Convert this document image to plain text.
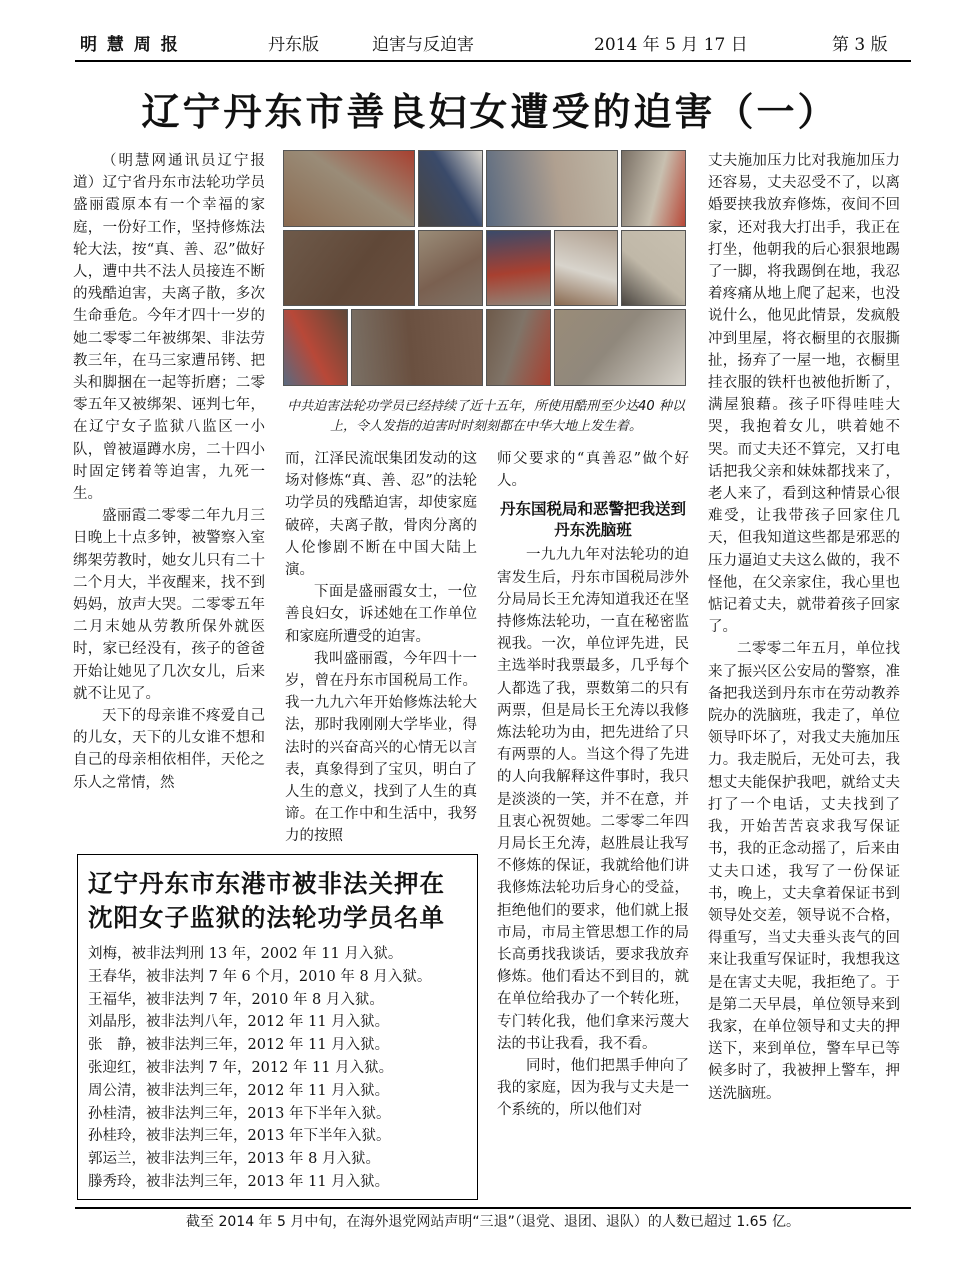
明 慧 周 报	丹东版	迫害与反迫害	2014 年 5 月 17 日	第 3 版
辽宁丹东市善良妇女遭受的迫害（一）

（明慧网通讯员辽宁报道）辽宁省丹东市法轮功学员盛丽霞原本有一个幸福的家庭，一份好工作，坚持修炼法轮大法，按“真、善、忍”做好人，遭中共不法人员接连不断的残酷迫害，夫离子散，多次生命垂危。今年才四十一岁的她二零零二年被绑架、非法劳教三年，在马三家遭吊铐、把头和脚捆在一起等折磨；二零零五年又被绑架、诬判七年，在辽宁女子监狱八监区一小队，曾被逼蹲水房，二十四小时固定铐着等迫害，九死一生。

盛丽霞二零零二年九月三日晚上十点多钟，被警察入室绑架劳教时，她女儿只有二十二个月大，半夜醒来，找不到妈妈，放声大哭。二零零五年二月末她从劳教所保外就医时，家已经没有，孩子的爸爸开始让她见了几次女儿，后来就不让见了。

天下的母亲谁不疼爱自己的儿女，天下的儿女谁不想和自己的母亲相依相伴，天伦之乐人之常情，然

中共迫害法轮功学员已经持续了近十五年，所使用酷刑至少达40 种以上，令人发指的迫害时时刻刻都在中华大地上发生着。

而，江泽民流氓集团发动的这场对修炼“真、善、忍”的法轮功学员的残酷迫害，却使家庭破碎，夫离子散，骨肉分离的人伦惨剧不断在中国大陆上演。

下面是盛丽霞女士，一位善良妇女，诉述她在工作单位和家庭所遭受的迫害。

我叫盛丽霞，今年四十一岁，曾在丹东市国税局工作。我一九九六年开始修炼法轮大法，那时我刚刚大学毕业，得法时的兴奋高兴的心情无以言表，真象得到了宝贝，明白了人生的意义，找到了人生的真谛。在工作中和生活中，我努力的按照

师父要求的“真善忍”做个好人。

丹东国税局和恶警把我送到丹东洗脑班

一九九九年对法轮功的迫害发生后，丹东市国税局涉外分局局长王允涛知道我还在坚持修炼法轮功，一直在秘密监视我。一次，单位评先进，民主选举时我票最多，几乎每个人都选了我，票数第二的只有两票，但是局长王允涛以我修炼法轮功为由，把先进给了只有两票的人。当这个得了先进的人向我解释这件事时，我只是淡淡的一笑，并不在意，并且衷心祝贺她。二零零二年四月局长王允涛，赵胜晨让我写不修炼的保证，我就给他们讲我修炼法轮功后身心的受益，拒绝他们的要求，他们就上报市局，市局主管思想工作的局长高勇找我谈话，要求我放弃修炼。他们看达不到目的，就在单位给我办了一个转化班，专门转化我，他们拿来污蔑大法的书让我看，我不看。

同时，他们把黑手伸向了我的家庭，因为我与丈夫是一个系统的，所以他们对

丈夫施加压力比对我施加压力还容易，丈夫忍受不了，以离婚要挟我放弃修炼，夜间不回家，还对我大打出手，我正在打坐，他朝我的后心狠狠地踢了一脚，将我踢倒在地，我忍着疼痛从地上爬了起来，也没说什么，他见此情景，发疯般冲到里屋，将衣橱里的衣服撕扯，扬弃了一屋一地，衣橱里挂衣服的铁杆也被他折断了，满屋狼藉。孩子吓得哇哇大哭，我抱着女儿，哄着她不哭。而丈夫还不算完，又打电话把我父亲和妹妹都找来了，老人来了，看到这种情景心很难受，让我带孩子回家住几天，但我知道这些都是邪恶的压力逼迫丈夫这么做的，我不怪他，在父亲家住，我心里也惦记着丈夫，就带着孩子回家了。

二零零二年五月，单位找来了振兴区公安局的警察，准备把我送到丹东市在劳动教养院办的洗脑班，我走了，单位领导吓坏了，对我丈夫施加压力。我走脱后，无处可去，我想丈夫能保护我吧，就给丈夫打了一个电话，丈夫找到了我，开始苦苦哀求我写保证书，我的正念动摇了，后来由丈夫口述，我写了一份保证书，晚上，丈夫拿着保证书到领导处交差，领导说不合格，得重写，当丈夫垂头丧气的回来让我重写保证时，我想我这是在害丈夫呢，我拒绝了。于是第二天早晨，单位领导来到我家，在单位领导和丈夫的押送下，来到单位，警车早已等候多时了，我被押上警车，押送洗脑班。

辽宁丹东市东港市被非法关押在
沈阳女子监狱的法轮功学员名单
刘梅，被非法判刑 13 年，2002 年 11 月入狱。
王春华，被非法判 7 年 6 个月，2010 年 8 月入狱。
王福华，被非法判 7 年，2010 年 8 月入狱。
刘晶彤，被非法判八年，2012 年 11 月入狱。
张　静，被非法判三年，2012 年 11 月入狱。
张迎红，被非法判 7 年，2012 年 11 月入狱。
周公清，被非法判三年，2012 年 11 月入狱。
孙桂清，被非法判三年，2013 年下半年入狱。
孙桂玲，被非法判三年，2013 年下半年入狱。
郭运兰，被非法判三年，2013 年 8 月入狱。
滕秀玲，被非法判三年，2013 年 11 月入狱。
截至 2014 年 5 月中旬，在海外退党网站声明“三退”（退党、退团、退队）的人数已超过 1.65 亿。
